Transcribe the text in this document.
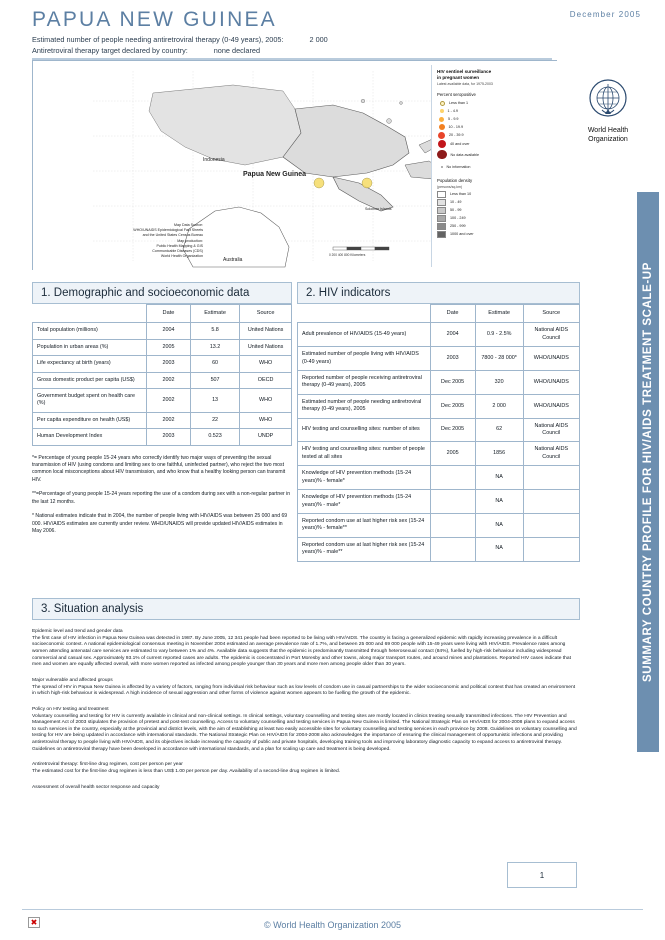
PAPUA NEW GUINEA	December 2005
Estimated number of people needing antiretroviral therapy (0-49 years), 2005:	2 000
Antiretroviral therapy target declared by country:	none declared
Indonesia
Papua New Guinea
Australia
Solomon Islands
0 200 400 800 Kilometers
Map Data Source:
WHO/UNAIDS Epidemiological Fact Sheets
and the United States Census Bureau
Map production:
Public Health Mapping & GIS
Communicable Diseases (CDS)
World Health Organization
HIV sentinel surveillance
in pregnant women
Latest available data, for 1975-2003
Percent seropositive
Less than 1
1 - 4.9
5 - 9.9
10 - 19.9
20 - 39.9
40 and over
No data available
No information
Population density
(persons/sq.km)
Less than 10
10 - 49
50 - 99
100 - 249
250 - 999
1000 and over
World Health
Organization
SUMMARY COUNTRY PROFILE FOR HIV/AIDS TREATMENT SCALE-UP
1. Demographic and socioeconomic data
	Date	Estimate	Source
Total population (millions)	2004	5.8	United Nations
Population in urban areas (%)	2005	13.2	United Nations
Life expectancy at birth (years)	2003	60	WHO
Gross domestic product per capita (US$)	2002	507	OECD
Government budget spent on health care (%)	2002	13	WHO
Per capita expenditure on health (US$)	2002	22	WHO
Human Development Index	2003	0.523	UNDP

*= Percentage of young people 15-24 years who correctly identify two major ways of preventing the sexual transmission of HIV (using condoms and limiting sex to one faithful, uninfected partner), who reject the two most common local misconceptions about HIV transmission, and who know that a healthy looking person can transmit HIV.

**=Percentage of young people 15-24 years reporting the use of a condom during sex with a non-regular partner in the last 12 months.

* National estimates indicate that in 2004, the number of people living with HIV/AIDS was between 25 000 and 69 000. HIV/AIDS estimates are currently under review. WHO/UNAIDS will provide updated HIV/AIDS estimates in May 2006.

2. HIV indicators
	Date	Estimate	Source
Adult prevalence of HIV/AIDS (15-49 years)	2004	0.9 - 2.5%	National AIDS Council
Estimated number of people living with HIV/AIDS (0-49 years)	2003	7800 - 28 000*	WHO/UNAIDS
Reported number of people receiving antiretroviral therapy (0-49 years), 2005	Dec 2005	320	WHO/UNAIDS
Estimated number of people needing antiretroviral therapy (0-49 years), 2005	Dec 2005	2 000	WHO/UNAIDS
HIV testing and counselling sites: number of sites	Dec 2005	62	National AIDS Council
HIV testing and counselling sites: number of people tested at all sites	2005	1856	National AIDS Council
Knowledge of HIV prevention methods (15-24 years)% - female*		NA	
Knowledge of HIV prevention methods (15-24 years)% - male*		NA	
Reported condom use at last higher risk sex (15-24 years)% - female**		NA	
Reported condom use at last higher risk sex (15-24 years)% - male**		NA	
3. Situation analysis
Epidemic level and trend and gender data

The first case of HIV infection in Papua New Guinea was detected in 1987. By June 2005, 12 341 people had been reported to be living with HIV/AIDS. The country is facing a generalized epidemic with rapidly increasing prevalence in a difficult socioeconomic context. A national epidemiological consensus meeting in November 2004 estimated an average prevalence rate of 1.7%, and between 25 000 and 69 000 people with 15-49 years were living with HIV/AIDS. Prevalence rates among women attending antenatal care services are estimated to vary between 1% and 4%. Available data suggests that the epidemic is predominantly transmitted through heterosexual contact (84%), fuelled by high-risk behaviour including widespread commercial and casual sex. Approximately 93.1% of current reported cases are adults. The epidemic is concentrated in Port Moresby and other towns, along major transport routes, and around mines and plantations. Reported HIV cases indicate that men and women are equally affected overall, with more women reported as infected among people younger than 30 years and more men among people older than 30 years.

Major vulnerable and affected groups

The spread of HIV in Papua New Guinea is affected by a variety of factors, ranging from individual risk behaviour such as low levels of condom use in casual partnerships to the wider socioeconomic and political context that has created an environment in which high-risk behaviour is widespread. A high incidence of sexual aggression and other forms of violence against women appears to be fuelling the growth of the epidemic.

Policy on HIV testing and treatment

Voluntary counselling and testing for HIV is currently available in clinical and non-clinical settings. In clinical settings, voluntary counselling and testing sites are mostly located in clinics treating sexually transmitted infections. The HIV Prevention and Management Act of 2003 stipulates the provision of pretest and post-test counselling. Access to voluntary counselling and testing services in Papua New Guinea is limited. The National Strategic Plan on HIV/AIDS for 2004-2008 plans to expand access to such services in the country, especially at the provincial and district levels, with the aim of establishing at least two easily accessible sites for voluntary counselling and testing services in each province by 2008. Guidelines on voluntary counselling and testing for HIV are being updated in accordance with international standards. The National Strategic Plan on HIV/AIDS for 2004-2008 also acknowledges the importance of ensuring the clinical management of opportunistic infections and providing antiretroviral therapy to people living with HIV/AIDS, and its objectives include increasing the capacity of public and private hospitals, developing training tools and improving laboratory diagnostic capacity to expand access to antiretroviral therapy. Guidelines on antiretroviral therapy have been developed in accordance with international standards, and a plan for scaling up care and treatment is being developed.

Antiretroviral therapy: first-line drug regimen, cost per person per year

The estimated cost for the first-line drug regimen is less than US$ 1.00 per person per day. Availability of a second-line drug regimen is limited.

Assessment of overall health sector response and capacity
1
✖	© World Health Organization 2005
